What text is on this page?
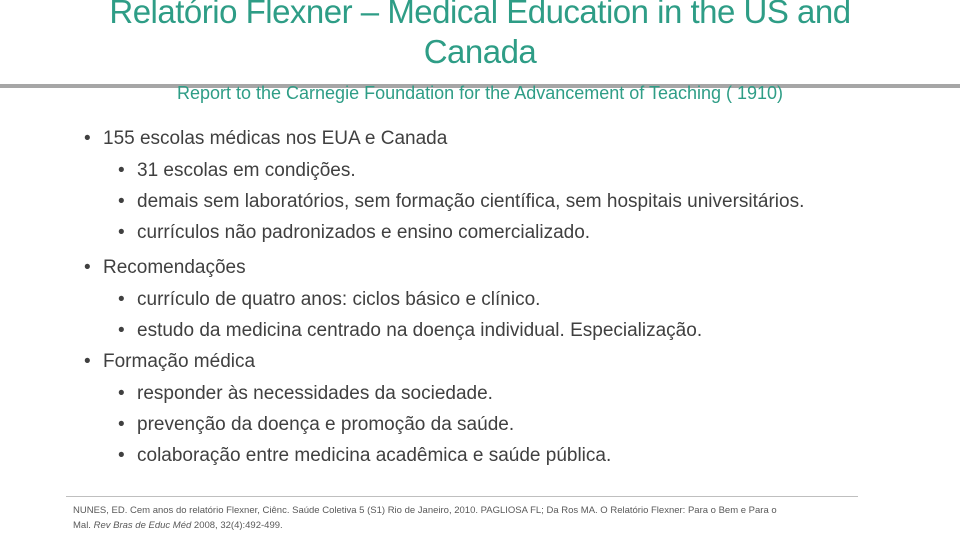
Relatório Flexner – Medical Education in the US and
Canada
Report to the Carnegie Foundation for the Advancement of Teaching ( 1910)
• 155 escolas médicas nos EUA e Canada
• 31 escolas em condições.
• demais sem laboratórios, sem formação científica, sem hospitais universitários.
• currículos não padronizados e ensino comercializado.
• Recomendações
• currículo de quatro anos: ciclos básico e clínico.
• estudo da medicina centrado na doença individual. Especialização.
• Formação médica
• responder às necessidades da sociedade.
• prevenção da doença e promoção da saúde.
• colaboração entre medicina acadêmica e saúde pública.
NUNES, ED. Cem anos do relatório Flexner, Ciênc. Saúde Coletiva 5 (S1) Rio de Janeiro, 2010. PAGLIOSA FL; Da Ros MA. O Relatório Flexner: Para o Bem e Para o
Mal. Rev Bras de Educ Méd 2008, 32(4):492-499.
